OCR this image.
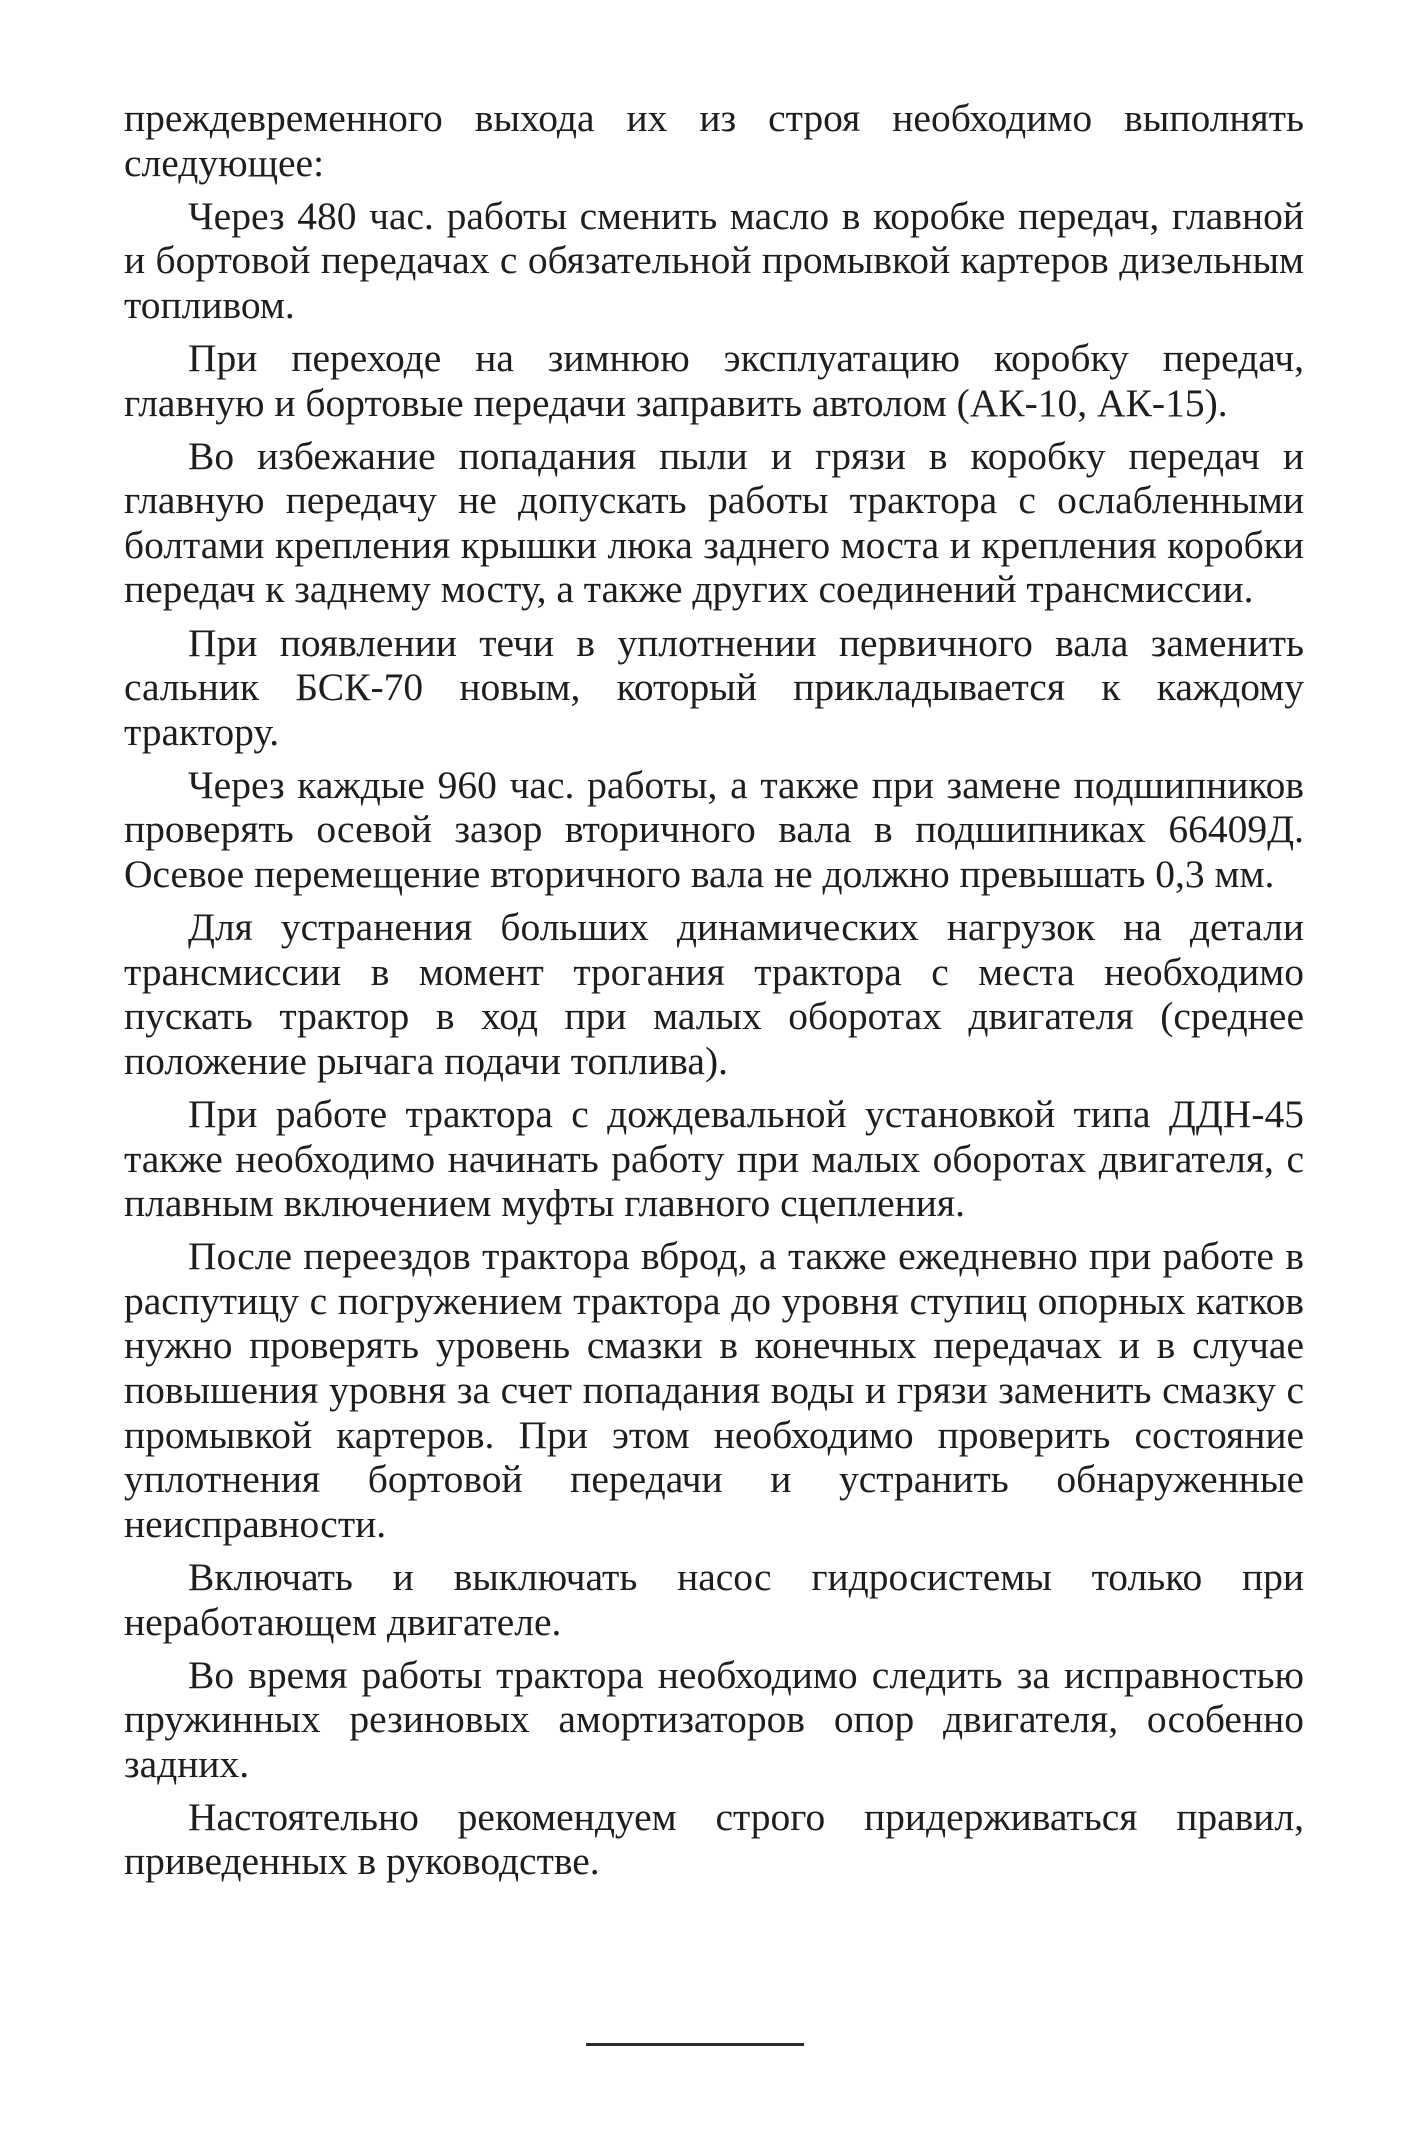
преждевременного выхода их из строя необходимо выполнять следующее:

Через 480 час. работы сменить масло в коробке передач, главной и бортовой передачах с обязательной промывкой картеров дизельным топливом.

При переходе на зимнюю эксплуатацию коробку передач, главную и бортовые передачи заправить автолом (АК-10, АК-15).

Во избежание попадания пыли и грязи в коробку передач и главную передачу не допускать работы трактора с ослабленными болтами крепления крышки люка заднего моста и крепления коробки передач к заднему мосту, а также других соединений трансмиссии.

При появлении течи в уплотнении первичного вала заменить сальник БСК-70 новым, который прикладывается к каждому трактору.

Через каждые 960 час. работы, а также при замене подшипников проверять осевой зазор вторичного вала в подшипниках 66409Д. Осевое перемещение вторичного вала не должно превышать 0,3 мм.

Для устранения больших динамических нагрузок на детали трансмиссии в момент трогания трактора с места необходимо пускать трактор в ход при малых оборотах двигателя (среднее положение рычага подачи топлива).

При работе трактора с дождевальной установкой типа ДДН-45 также необходимо начинать работу при малых оборотах двигателя, с плавным включением муфты главного сцепления.

После переездов трактора вброд, а также ежедневно при работе в распутицу с погружением трактора до уровня ступиц опорных катков нужно проверять уровень смазки в конечных передачах и в случае повышения уровня за счет попадания воды и грязи заменить смазку с промывкой картеров. При этом необходимо проверить состояние уплотнения бортовой передачи и устранить обнаруженные неисправности.

Включать и выключать насос гидросистемы только при неработающем двигателе.

Во время работы трактора необходимо следить за исправностью пружинных резиновых амортизаторов опор двигателя, особенно задних.

Настоятельно рекомендуем строго придерживаться правил, приведенных в руководстве.
